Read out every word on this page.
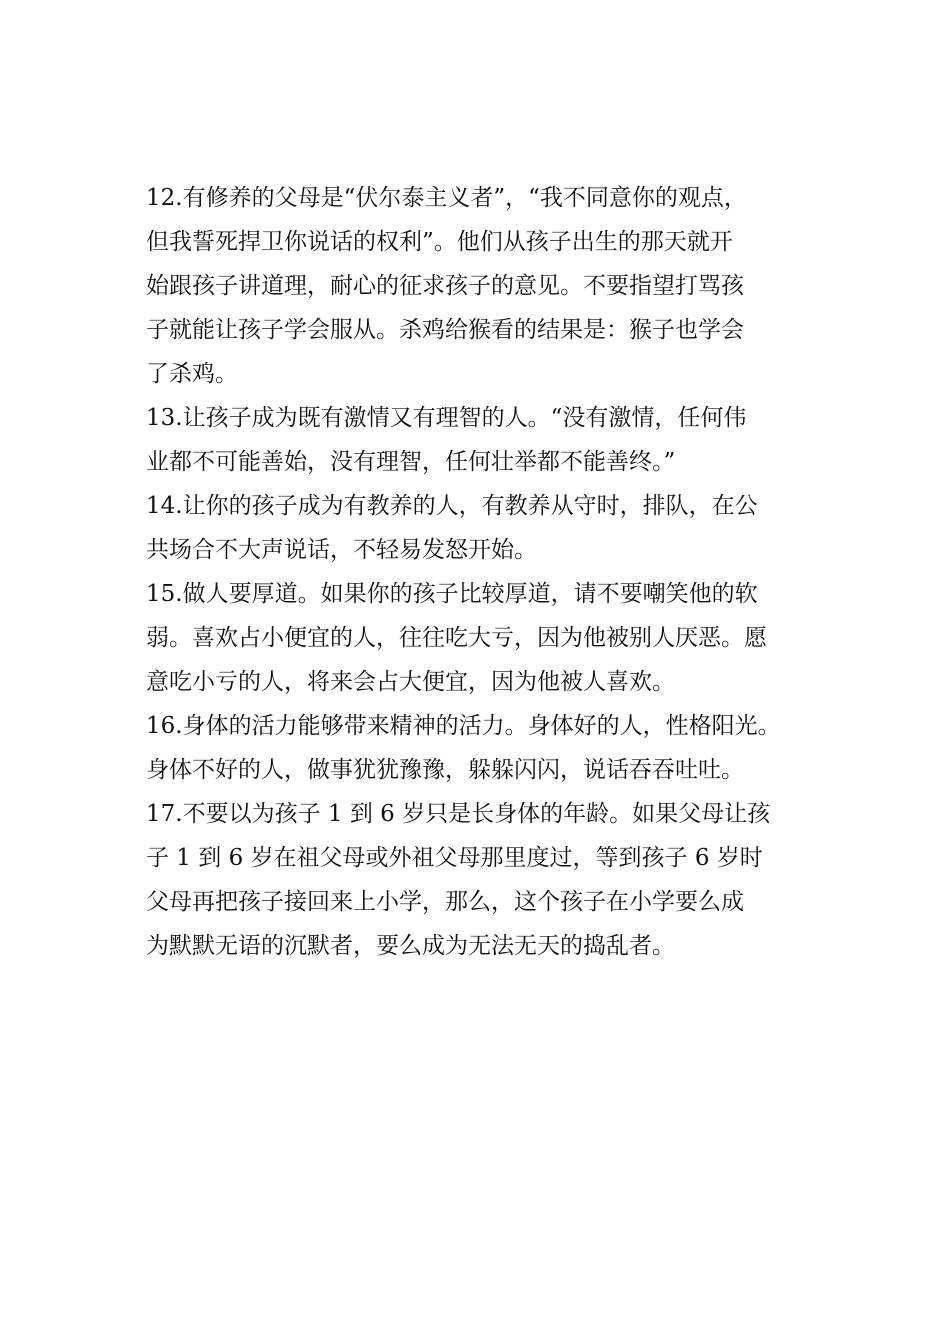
12.有修养的父母是“伏尔泰主义者”，“我不同意你的观点，
但我誓死捍卫你说话的权利”。他们从孩子出生的那天就开
始跟孩子讲道理，耐心的征求孩子的意见。不要指望打骂孩
子就能让孩子学会服从。杀鸡给猴看的结果是：猴子也学会
了杀鸡。
13.让孩子成为既有激情又有理智的人。“没有激情，任何伟
业都不可能善始，没有理智，任何壮举都不能善终。”
14.让你的孩子成为有教养的人，有教养从守时，排队，在公
共场合不大声说话，不轻易发怒开始。
15.做人要厚道。如果你的孩子比较厚道，请不要嘲笑他的软
弱。喜欢占小便宜的人，往往吃大亏，因为他被别人厌恶。愿
意吃小亏的人，将来会占大便宜，因为他被人喜欢。
16.身体的活力能够带来精神的活力。身体好的人，性格阳光。
身体不好的人，做事犹犹豫豫，躲躲闪闪，说话吞吞吐吐。
17.不要以为孩子 1 到 6 岁只是长身体的年龄。如果父母让孩
子 1 到 6 岁在祖父母或外祖父母那里度过，等到孩子 6 岁时
父母再把孩子接回来上小学，那么，这个孩子在小学要么成
为默默无语的沉默者，要么成为无法无天的捣乱者。
